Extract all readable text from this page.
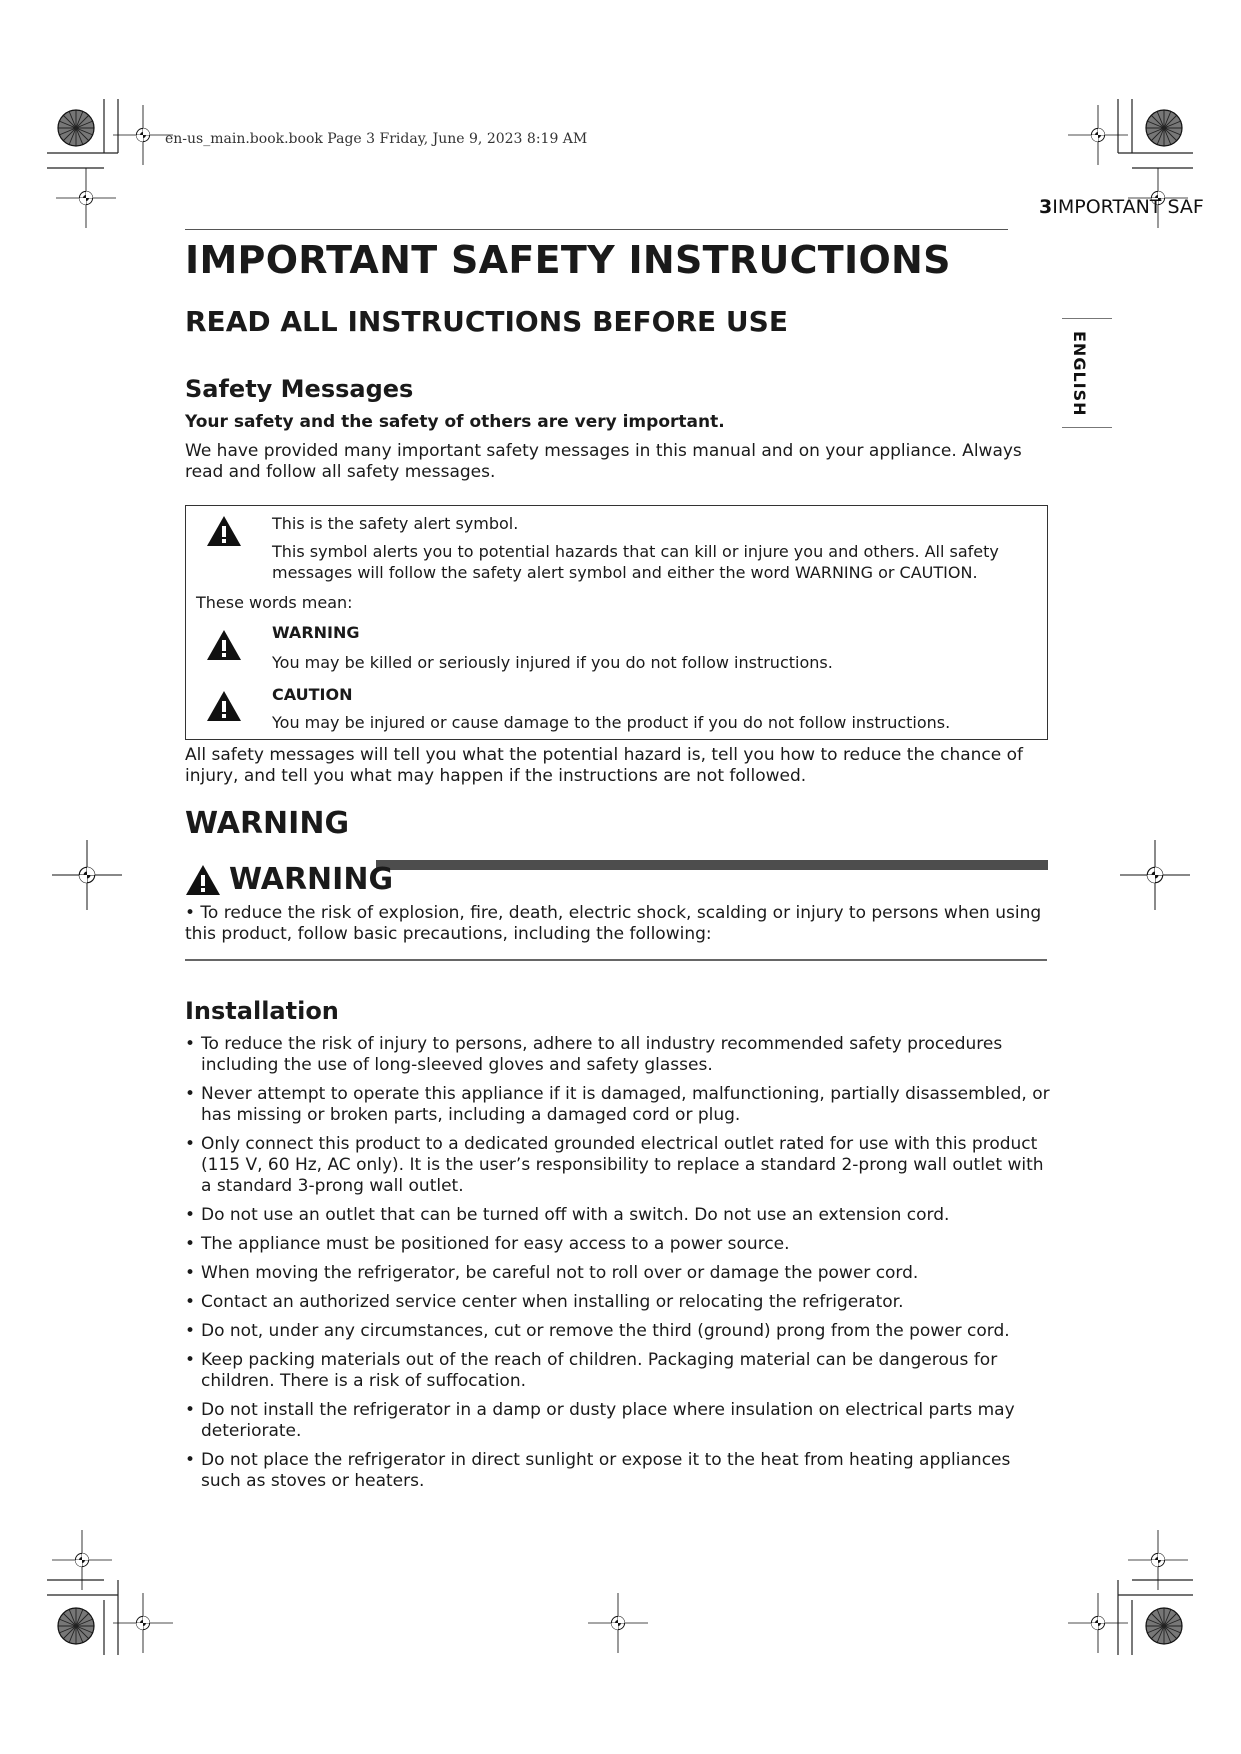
en-us_main.book.book Page 3 Friday, June 9, 2023 8:19 AM
3IMPORTANT SAF
ENGLISH
IMPORTANT SAFETY INSTRUCTIONS
READ ALL INSTRUCTIONS BEFORE USE
Safety Messages

Your safety and the safety of others are very important.

We have provided many important safety messages in this manual and on your appliance. Always read and follow all safety messages.

This is the safety alert symbol.
This symbol alerts you to potential hazards that can kill or injure you and others. All safety messages will follow the safety alert symbol and either the word WARNING or CAUTION.
These words mean:
WARNING
You may be killed or seriously injured if you do not follow instructions.
CAUTION
You may be injured or cause damage to the product if you do not follow instructions.

All safety messages will tell you what the potential hazard is, tell you how to reduce the chance of injury, and tell you what may happen if the instructions are not followed.

WARNING
WARNING

• To reduce the risk of explosion, fire, death, electric shock, scalding or injury to persons when using this product, follow basic precautions, including the following:

Installation
• To reduce the risk of injury to persons, adhere to all industry recommended safety procedures including the use of long-sleeved gloves and safety glasses.
• Never attempt to operate this appliance if it is damaged, malfunctioning, partially disassembled, or has missing or broken parts, including a damaged cord or plug.
• Only connect this product to a dedicated grounded electrical outlet rated for use with this product (115 V, 60 Hz, AC only). It is the user’s responsibility to replace a standard 2-prong wall outlet with a standard 3-prong wall outlet.
• Do not use an outlet that can be turned off with a switch. Do not use an extension cord.
• The appliance must be positioned for easy access to a power source.
• When moving the refrigerator, be careful not to roll over or damage the power cord.
• Contact an authorized service center when installing or relocating the refrigerator.
• Do not, under any circumstances, cut or remove the third (ground) prong from the power cord.
• Keep packing materials out of the reach of children. Packaging material can be dangerous for children. There is a risk of suffocation.
• Do not install the refrigerator in a damp or dusty place where insulation on electrical parts may deteriorate.
• Do not place the refrigerator in direct sunlight or expose it to the heat from heating appliances such as stoves or heaters.
